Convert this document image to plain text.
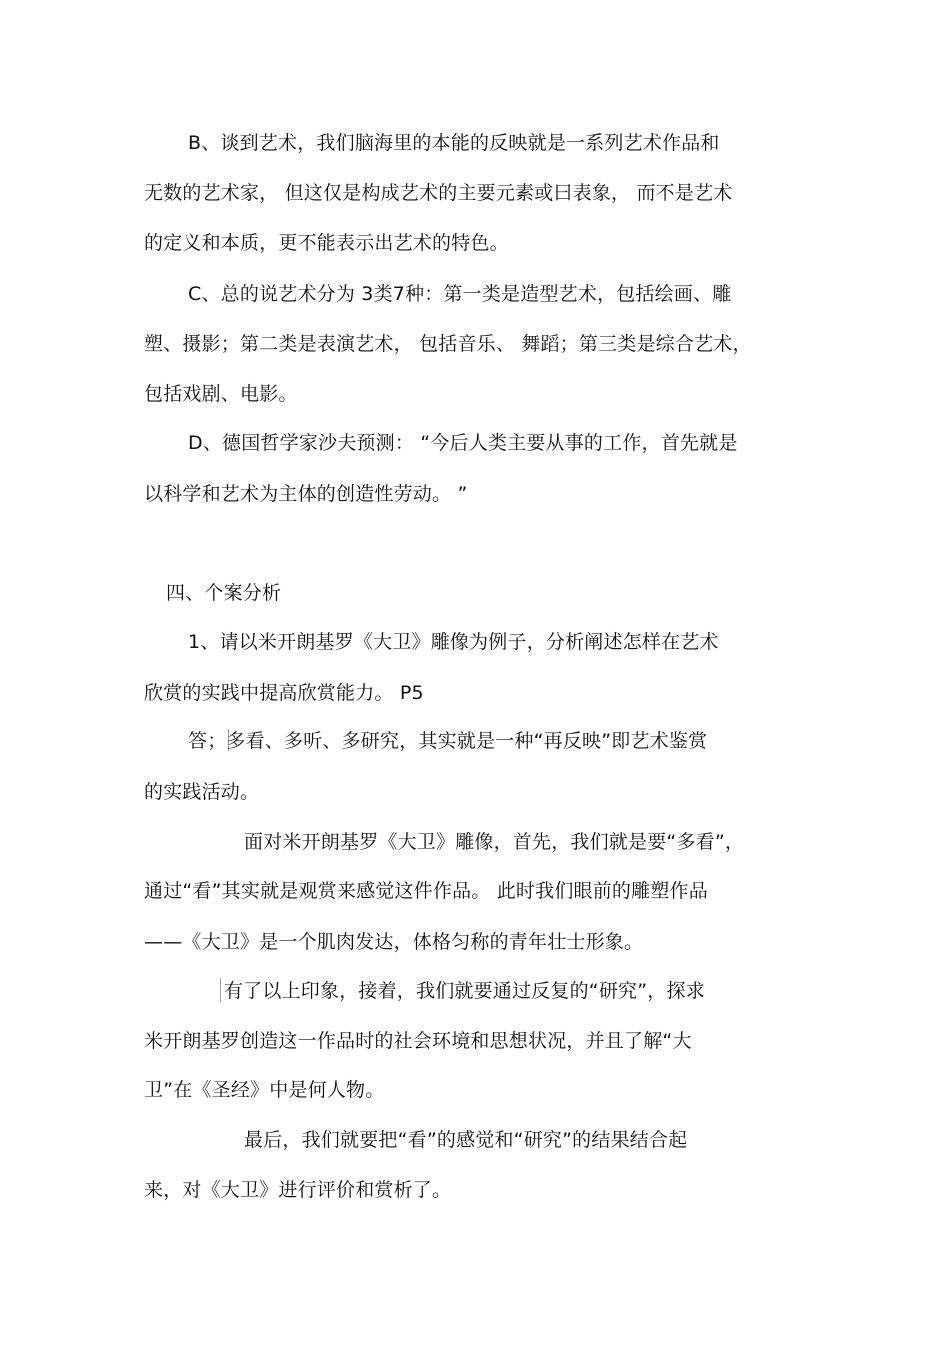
B、谈到艺术，我们脑海里的本能的反映就是一系列艺术作品和
无数的艺术家， 但这仅是构成艺术的主要元素或曰表象， 而不是艺术
的定义和本质，更不能表示出艺术的特色。
C、总的说艺术分为 3类7种：第一类是造型艺术，包括绘画、雕
塑、摄影；第二类是表演艺术， 包括音乐、 舞蹈；第三类是综合艺术，
包括戏剧、电影。
D、德国哲学家沙夫预测： “今后人类主要从事的工作，首先就是
以科学和艺术为主体的创造性劳动。 ”
四、个案分析
1、请以米开朗基罗《大卫》雕像为例子，分析阐述怎样在艺术
欣赏的实践中提高欣赏能力。 P5
答；多看、多听、多研究，其实就是一种“再反映”即艺术鉴赏
的实践活动。
面对米开朗基罗《大卫》雕像，首先，我们就是要“多看”，
通过“看”其实就是观赏来感觉这件作品。 此时我们眼前的雕塑作品
——《大卫》是一个肌肉发达，体格匀称的青年壮士形象。
有了以上印象，接着，我们就要通过反复的“研究”，探求
米开朗基罗创造这一作品时的社会环境和思想状况，并且了解“大
卫”在《圣经》中是何人物。
最后，我们就要把“看”的感觉和“研究”的结果结合起
来，对《大卫》进行评价和赏析了。
